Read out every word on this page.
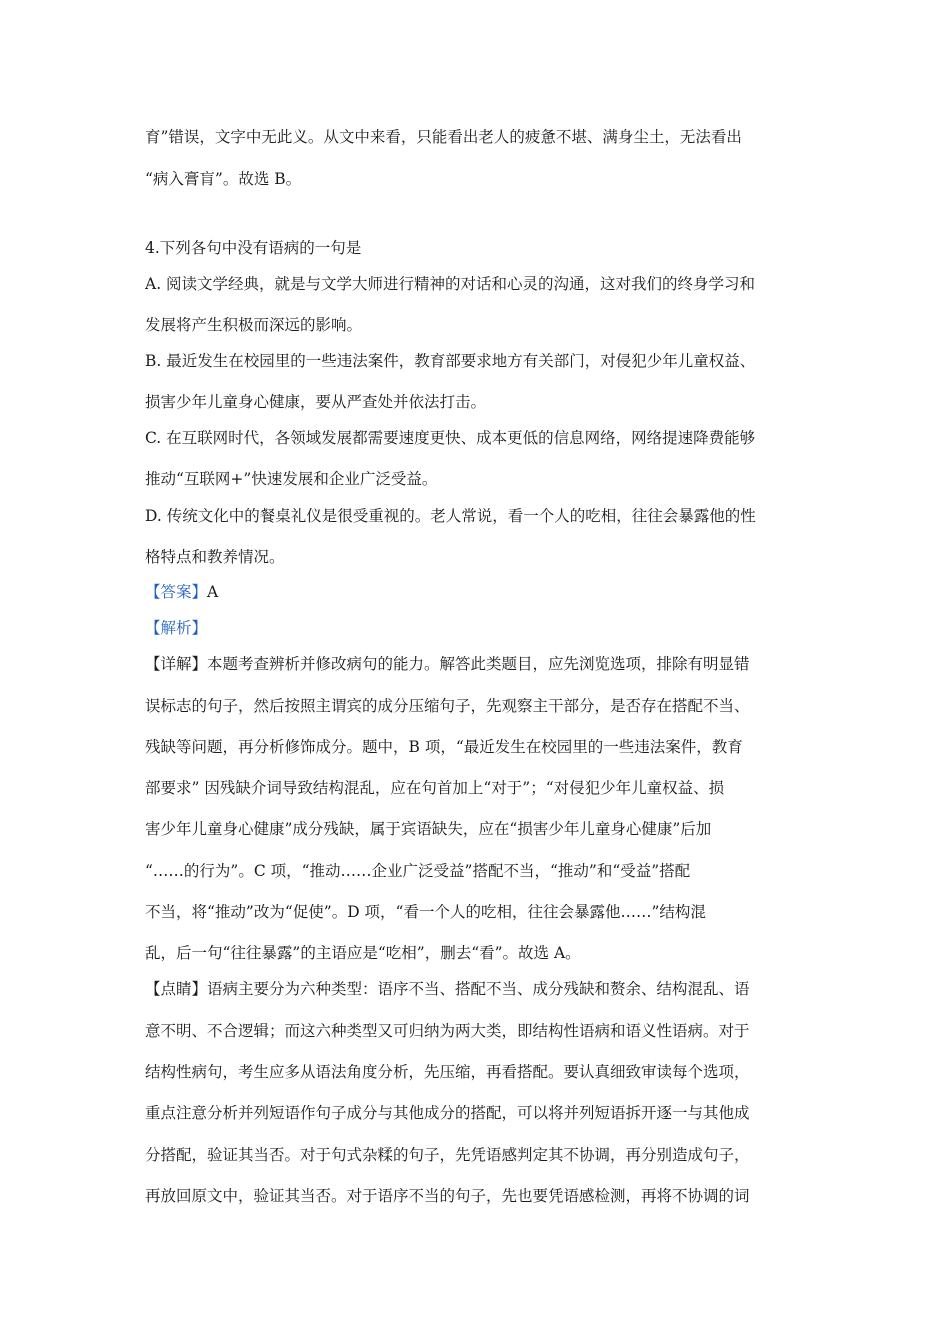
育”错误，文字中无此义。从文中来看，只能看出老人的疲惫不堪、满身尘土，无法看出
“病入膏肓”。故选 B。
4.下列各句中没有语病的一句是
A. 阅读文学经典，就是与文学大师进行精神的对话和心灵的沟通，这对我们的终身学习和
发展将产生积极而深远的影响。
B. 最近发生在校园里的一些违法案件，教育部要求地方有关部门，对侵犯少年儿童权益、
损害少年儿童身心健康，要从严查处并依法打击。
C. 在互联网时代，各领域发展都需要速度更快、成本更低的信息网络，网络提速降费能够
推动“互联网+”快速发展和企业广泛受益。
D. 传统文化中的餐桌礼仪是很受重视的。老人常说，看一个人的吃相，往往会暴露他的性
格特点和教养情况。
【答案】A
【解析】
【详解】本题考查辨析并修改病句的能力。解答此类题目，应先浏览选项，排除有明显错
误标志的句子，然后按照主谓宾的成分压缩句子，先观察主干部分，是否存在搭配不当、
残缺等问题，再分析修饰成分。题中，B 项，“最近发生在校园里的一些违法案件，教育
部要求” 因残缺介词导致结构混乱，应在句首加上“对于”；“对侵犯少年儿童权益、损
害少年儿童身心健康”成分残缺，属于宾语缺失，应在“损害少年儿童身心健康”后加
“……的行为”。C 项，“推动……企业广泛受益”搭配不当，“推动”和“受益”搭配
不当，将“推动”改为“促使”。D 项，“看一个人的吃相，往往会暴露他……”结构混
乱，后一句“往往暴露”的主语应是“吃相”，删去“看”。故选 A。
【点睛】语病主要分为六种类型：语序不当、搭配不当、成分残缺和赘余、结构混乱、语
意不明、不合逻辑；而这六种类型又可归纳为两大类，即结构性语病和语义性语病。对于
结构性病句，考生应多从语法角度分析，先压缩，再看搭配。要认真细致审读每个选项，
重点注意分析并列短语作句子成分与其他成分的搭配，可以将并列短语拆开逐一与其他成
分搭配，验证其当否。对于句式杂糅的句子，先凭语感判定其不协调，再分别造成句子，
再放回原文中，验证其当否。对于语序不当的句子，先也要凭语感检测，再将不协调的词
